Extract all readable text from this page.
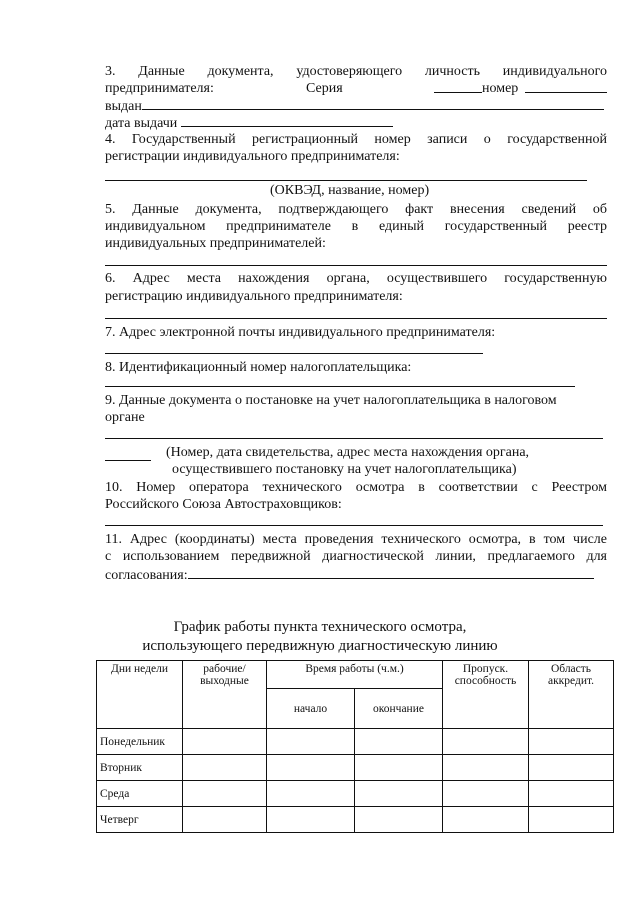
3. Данные документа, удостоверяющего личность индивидуального
предпринимателя:	Серия	номер
выдан
дата выдачи
4. Государственный регистрационный номер записи о государственной
регистрации индивидуального предпринимателя:
(ОКВЭД, название, номер)
5. Данные документа, подтверждающего факт внесения сведений об
индивидуальном предпринимателе в единый государственный реестр
индивидуальных предпринимателей:
6. Адрес места нахождения органа, осуществившего государственную
регистрацию индивидуального предпринимателя:
7. Адрес электронной почты индивидуального предпринимателя:
8. Идентификационный номер налогоплательщика:
9. Данные документа о постановке на учет налогоплательщика в налоговом
органе
(Номер, дата свидетельства, адрес места нахождения органа,
осуществившего постановку на учет налогоплательщика)
10. Номер оператора технического осмотра в соответствии с Реестром
Российского Союза Автостраховщиков:
11. Адрес (координаты) места проведения технического осмотра, в том числе
с использованием передвижной диагностической линии, предлагаемого для
согласования:
График работы пункта технического осмотра,
использующего передвижную диагностическую линию
Дни недели	рабочие/ выходные	Время работы (ч.м.)		Пропуск. способность	Область аккредит.
		начало	окончание		
Понедельник					
Вторник					
Среда					
Четверг					
